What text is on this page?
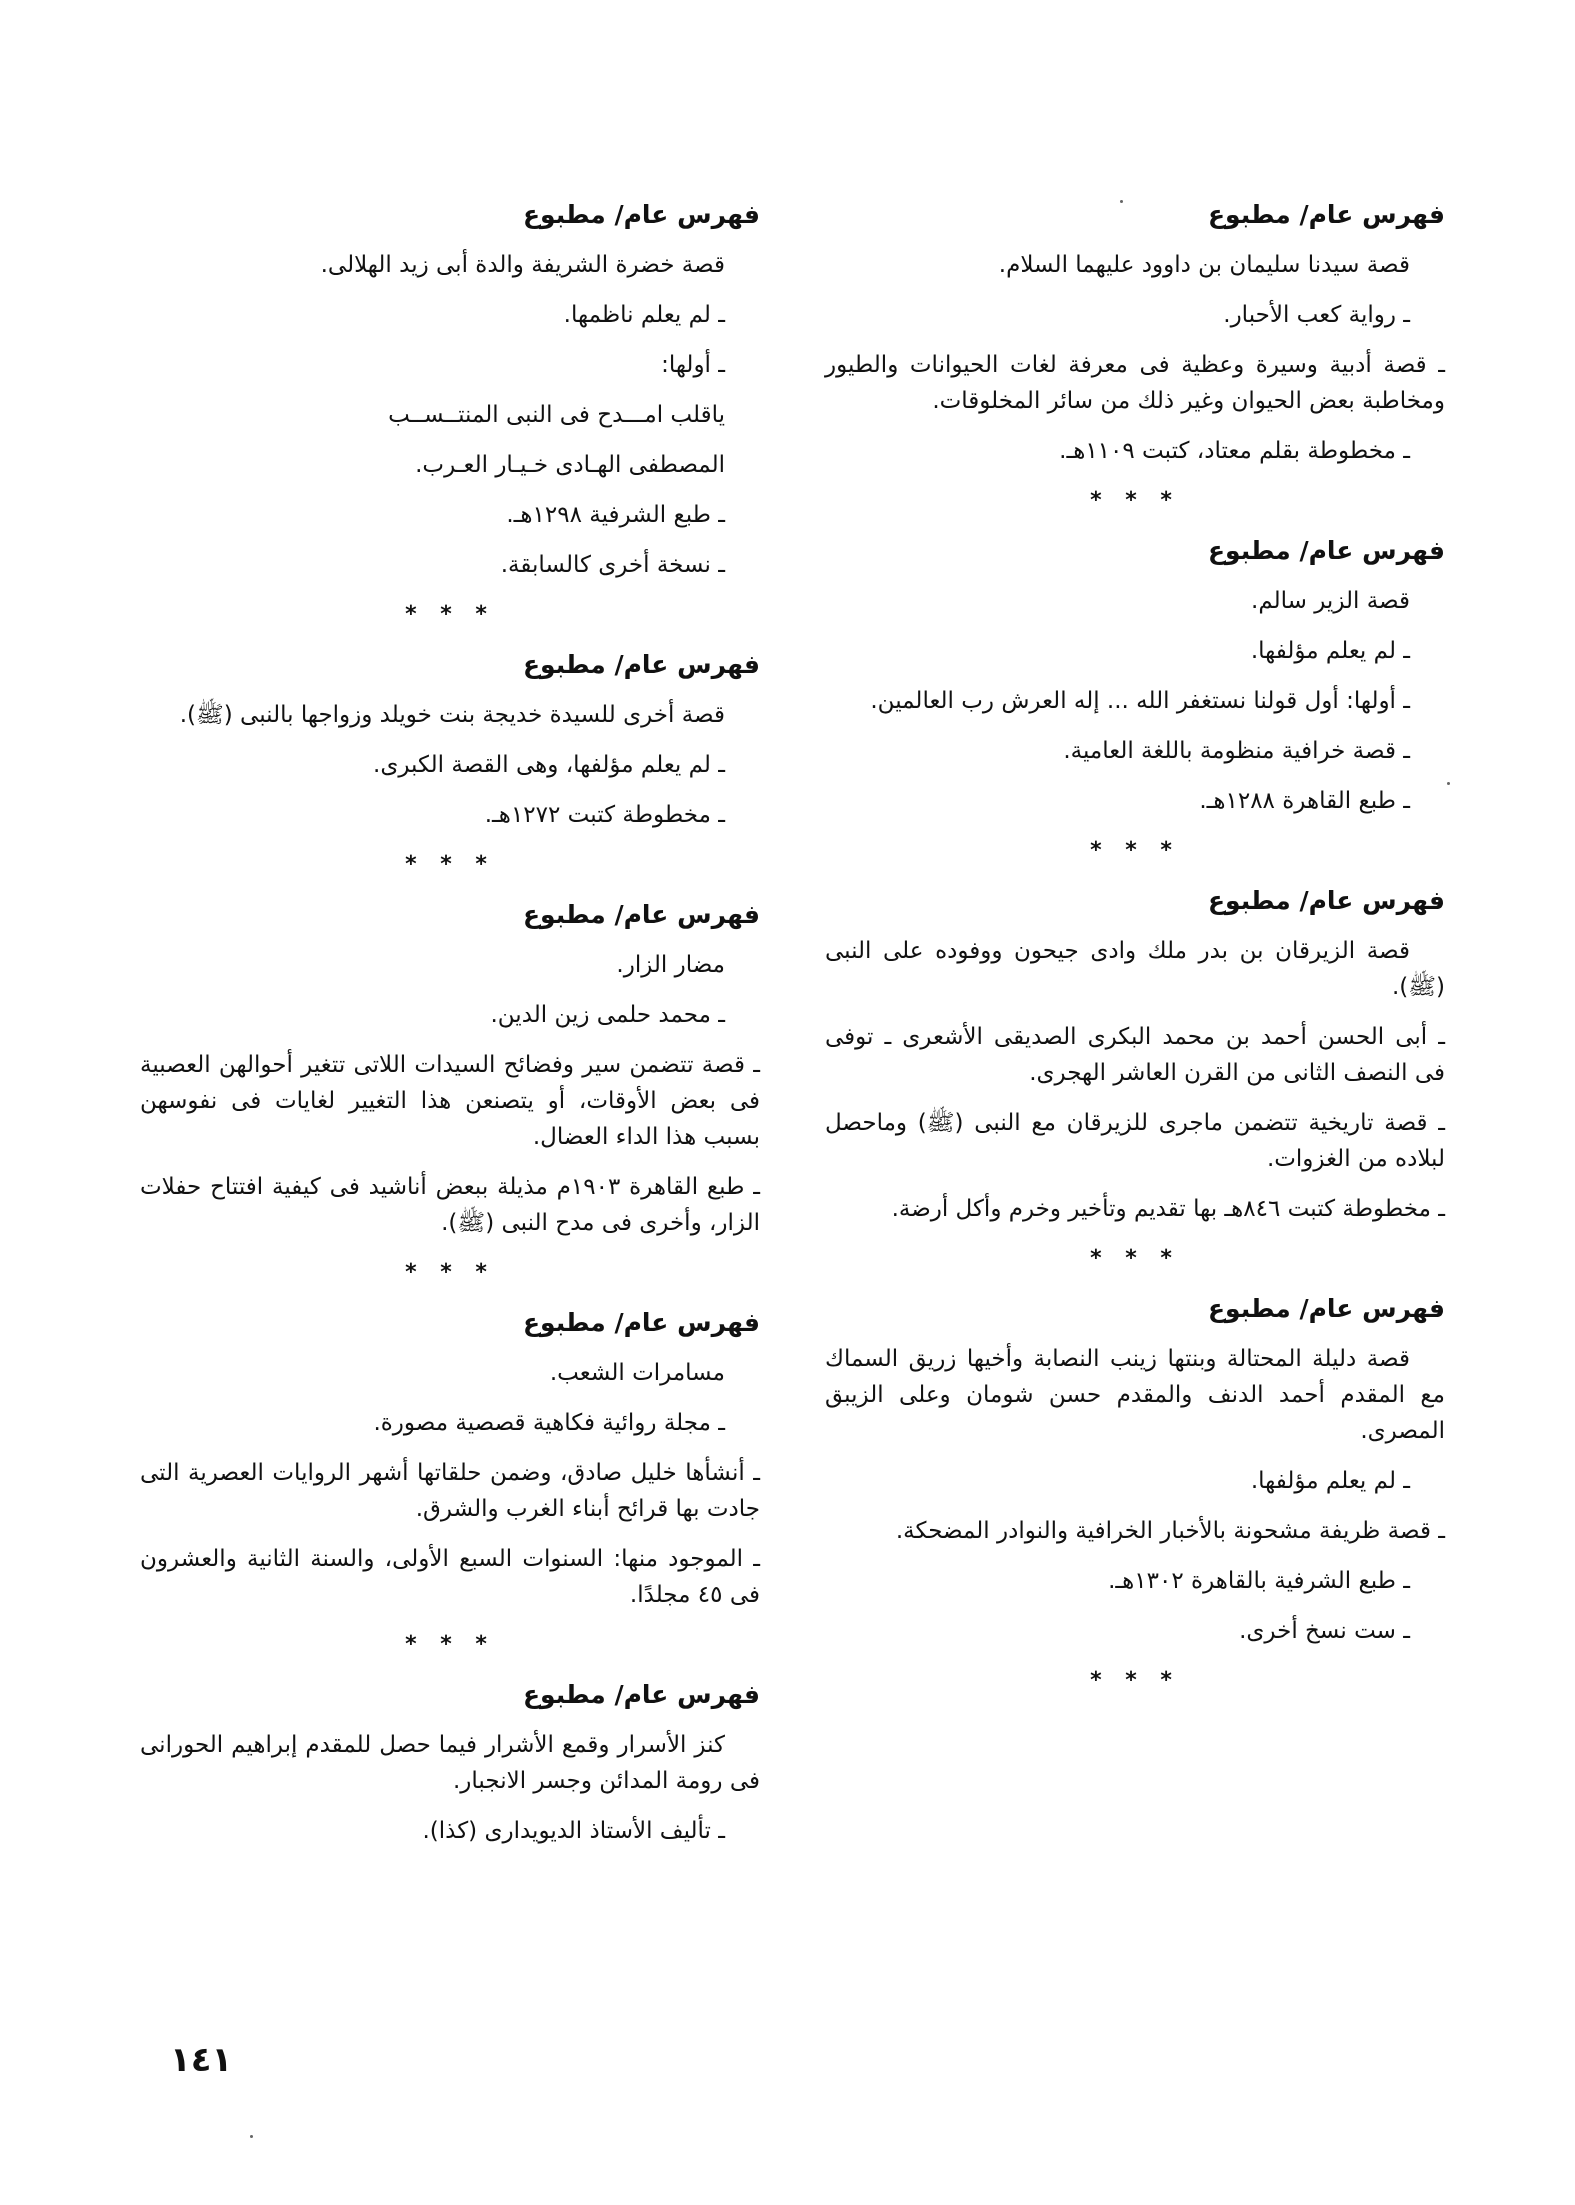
فهرس عام/ مطبوع
قصة سيدنا سليمان بن داوود عليهما السلام.
ـ رواية كعب الأحبار.
ـ قصة أدبية وسيرة وعظية فى معرفة لغات الحيوانات والطيور ومخاطبة بعض الحيوان وغير ذلك من سائر المخلوقات.
ـ مخطوطة بقلم معتاد، كتبت ١١٠٩هـ.
* * *
فهرس عام/ مطبوع
قصة الزير سالم.
ـ لم يعلم مؤلفها.
ـ أولها: أول قولنا نستغفر الله ... إله العرش رب العالمين.
ـ قصة خرافية منظومة باللغة العامية.
ـ طبع القاهرة ١٢٨٨هـ.
* * *
فهرس عام/ مطبوع
قصة الزيرقان بن بدر ملك وادى جيحون ووفوده على النبى (ﷺ).
ـ أبى الحسن أحمد بن محمد البكرى الصديقى الأشعرى ـ توفى فى النصف الثانى من القرن العاشر الهجرى.
ـ قصة تاريخية تتضمن ماجرى للزيرقان مع النبى (ﷺ) وماحصل لبلاده من الغزوات.
ـ مخطوطة كتبت ٨٤٦هـ بها تقديم وتأخير وخرم وأكل أرضة.
* * *
فهرس عام/ مطبوع
قصة دليلة المحتالة وبنتها زينب النصابة وأخيها زريق السماك مع المقدم أحمد الدنف والمقدم حسن شومان وعلى الزيبق المصرى.
ـ لم يعلم مؤلفها.
ـ قصة ظريفة مشحونة بالأخبار الخرافية والنوادر المضحكة.
ـ طبع الشرفية بالقاهرة ١٣٠٢هـ.
ـ ست نسخ أخرى.
* * *
فهرس عام/ مطبوع
قصة خضرة الشريفة والدة أبى زيد الهلالى.
ـ لم يعلم ناظمها.
ـ أولها:
ياقلب امـــدح فى النبى المنتــســب
المصطفى الهـادى خـيـار العـرب.
ـ طبع الشرفية ١٢٩٨هـ.
ـ نسخة أخرى كالسابقة.
* * *
فهرس عام/ مطبوع
قصة أخرى للسيدة خديجة بنت خويلد وزواجها بالنبى (ﷺ).
ـ لم يعلم مؤلفها، وهى القصة الكبرى.
ـ مخطوطة كتبت ١٢٧٢هـ.
* * *
فهرس عام/ مطبوع
مضار الزار.
ـ محمد حلمى زين الدين.
ـ قصة تتضمن سير وفضائح السيدات اللاتى تتغير أحوالهن العصبية فى بعض الأوقات، أو يتصنعن هذا التغيير لغايات فى نفوسهن بسبب هذا الداء العضال.
ـ طبع القاهرة ١٩٠٣م مذيلة ببعض أناشيد فى كيفية افتتاح حفلات الزار، وأخرى فى مدح النبى (ﷺ).
* * *
فهرس عام/ مطبوع
مسامرات الشعب.
ـ مجلة روائية فكاهية قصصية مصورة.
ـ أنشأها خليل صادق، وضمن حلقاتها أشهر الروايات العصرية التى جادت بها قرائح أبناء الغرب والشرق.
ـ الموجود منها: السنوات السبع الأولى، والسنة الثانية والعشرون فى ٤٥ مجلدًا.
* * *
فهرس عام/ مطبوع
كنز الأسرار وقمع الأشرار فيما حصل للمقدم إبراهيم الحورانى فى رومة المدائن وجسر الانجبار.
ـ تأليف الأستاذ الديويدارى (كذا).
١٤١
